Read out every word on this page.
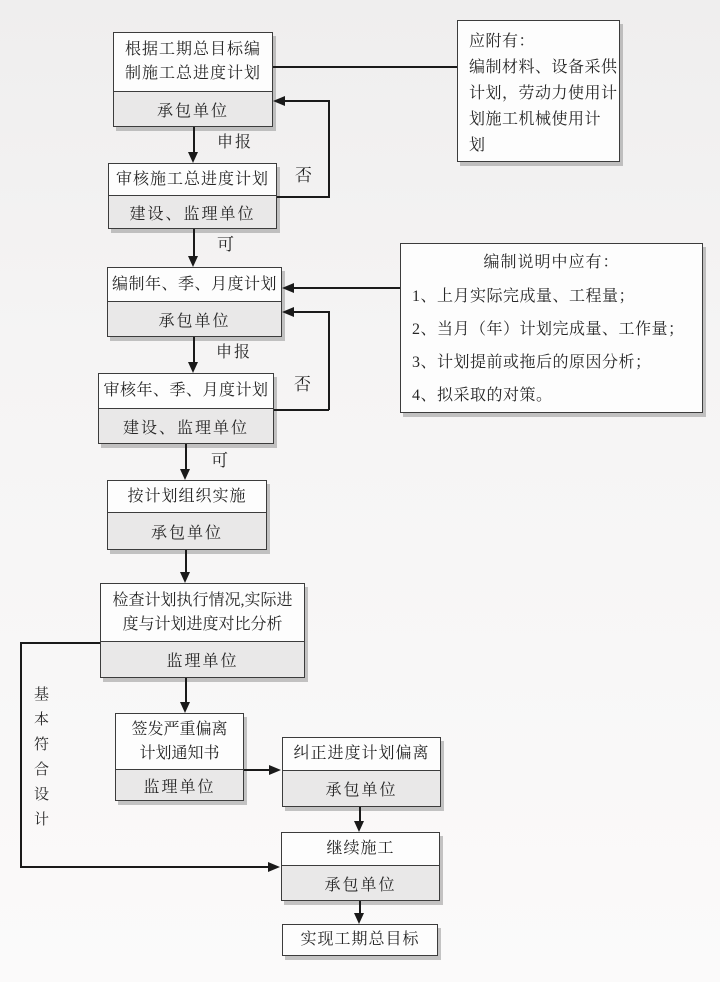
根据工期总目标编制施工总进度计划
承包单位
审核施工总进度计划
建设、监理单位
编制年、季、月度计划
承包单位
审核年、季、月度计划
建设、监理单位
按计划组织实施
承包单位
检查计划执行情况,实际进度与计划进度对比分析
监理单位
签发严重偏离计划通知书
监理单位
纠正进度计划偏离
承包单位
继续施工
承包单位
实现工期总目标
应附有：
编制材料、设备采供
计划，劳动力使用计
划施工机械使用计
划
编制说明中应有：
1、上月实际完成量、工程量；
2、当月（年）计划完成量、工作量；
3、计划提前或拖后的原因分析；
4、拟采取的对策。
申报
否
可
申报
否
可
基本符合设计
